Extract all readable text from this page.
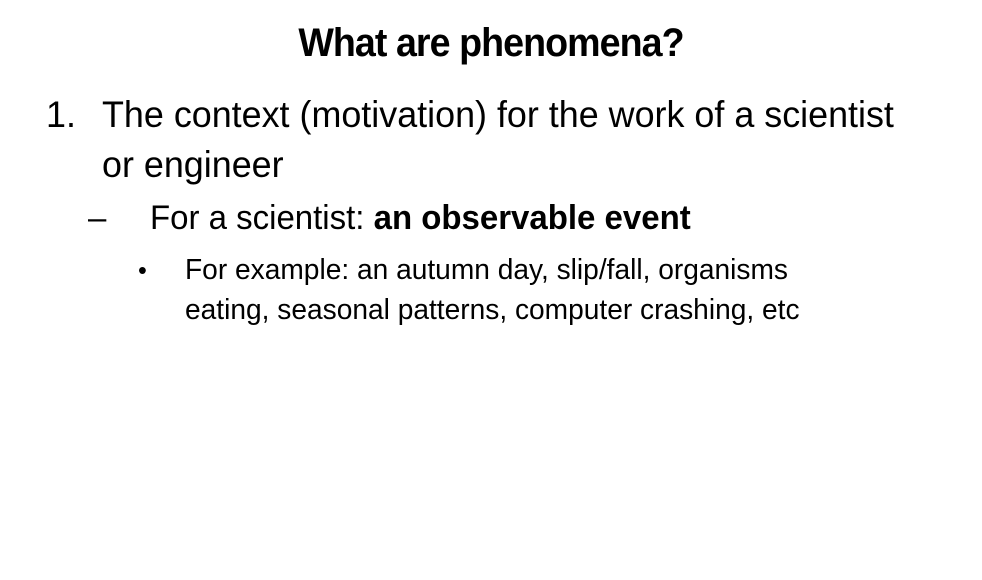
What are phenomena?
1. The context (motivation) for the work of a scientist
or engineer
– For a scientist: an observable event
• For example: an autumn day, slip/fall, organisms
eating, seasonal patterns, computer crashing, etc
